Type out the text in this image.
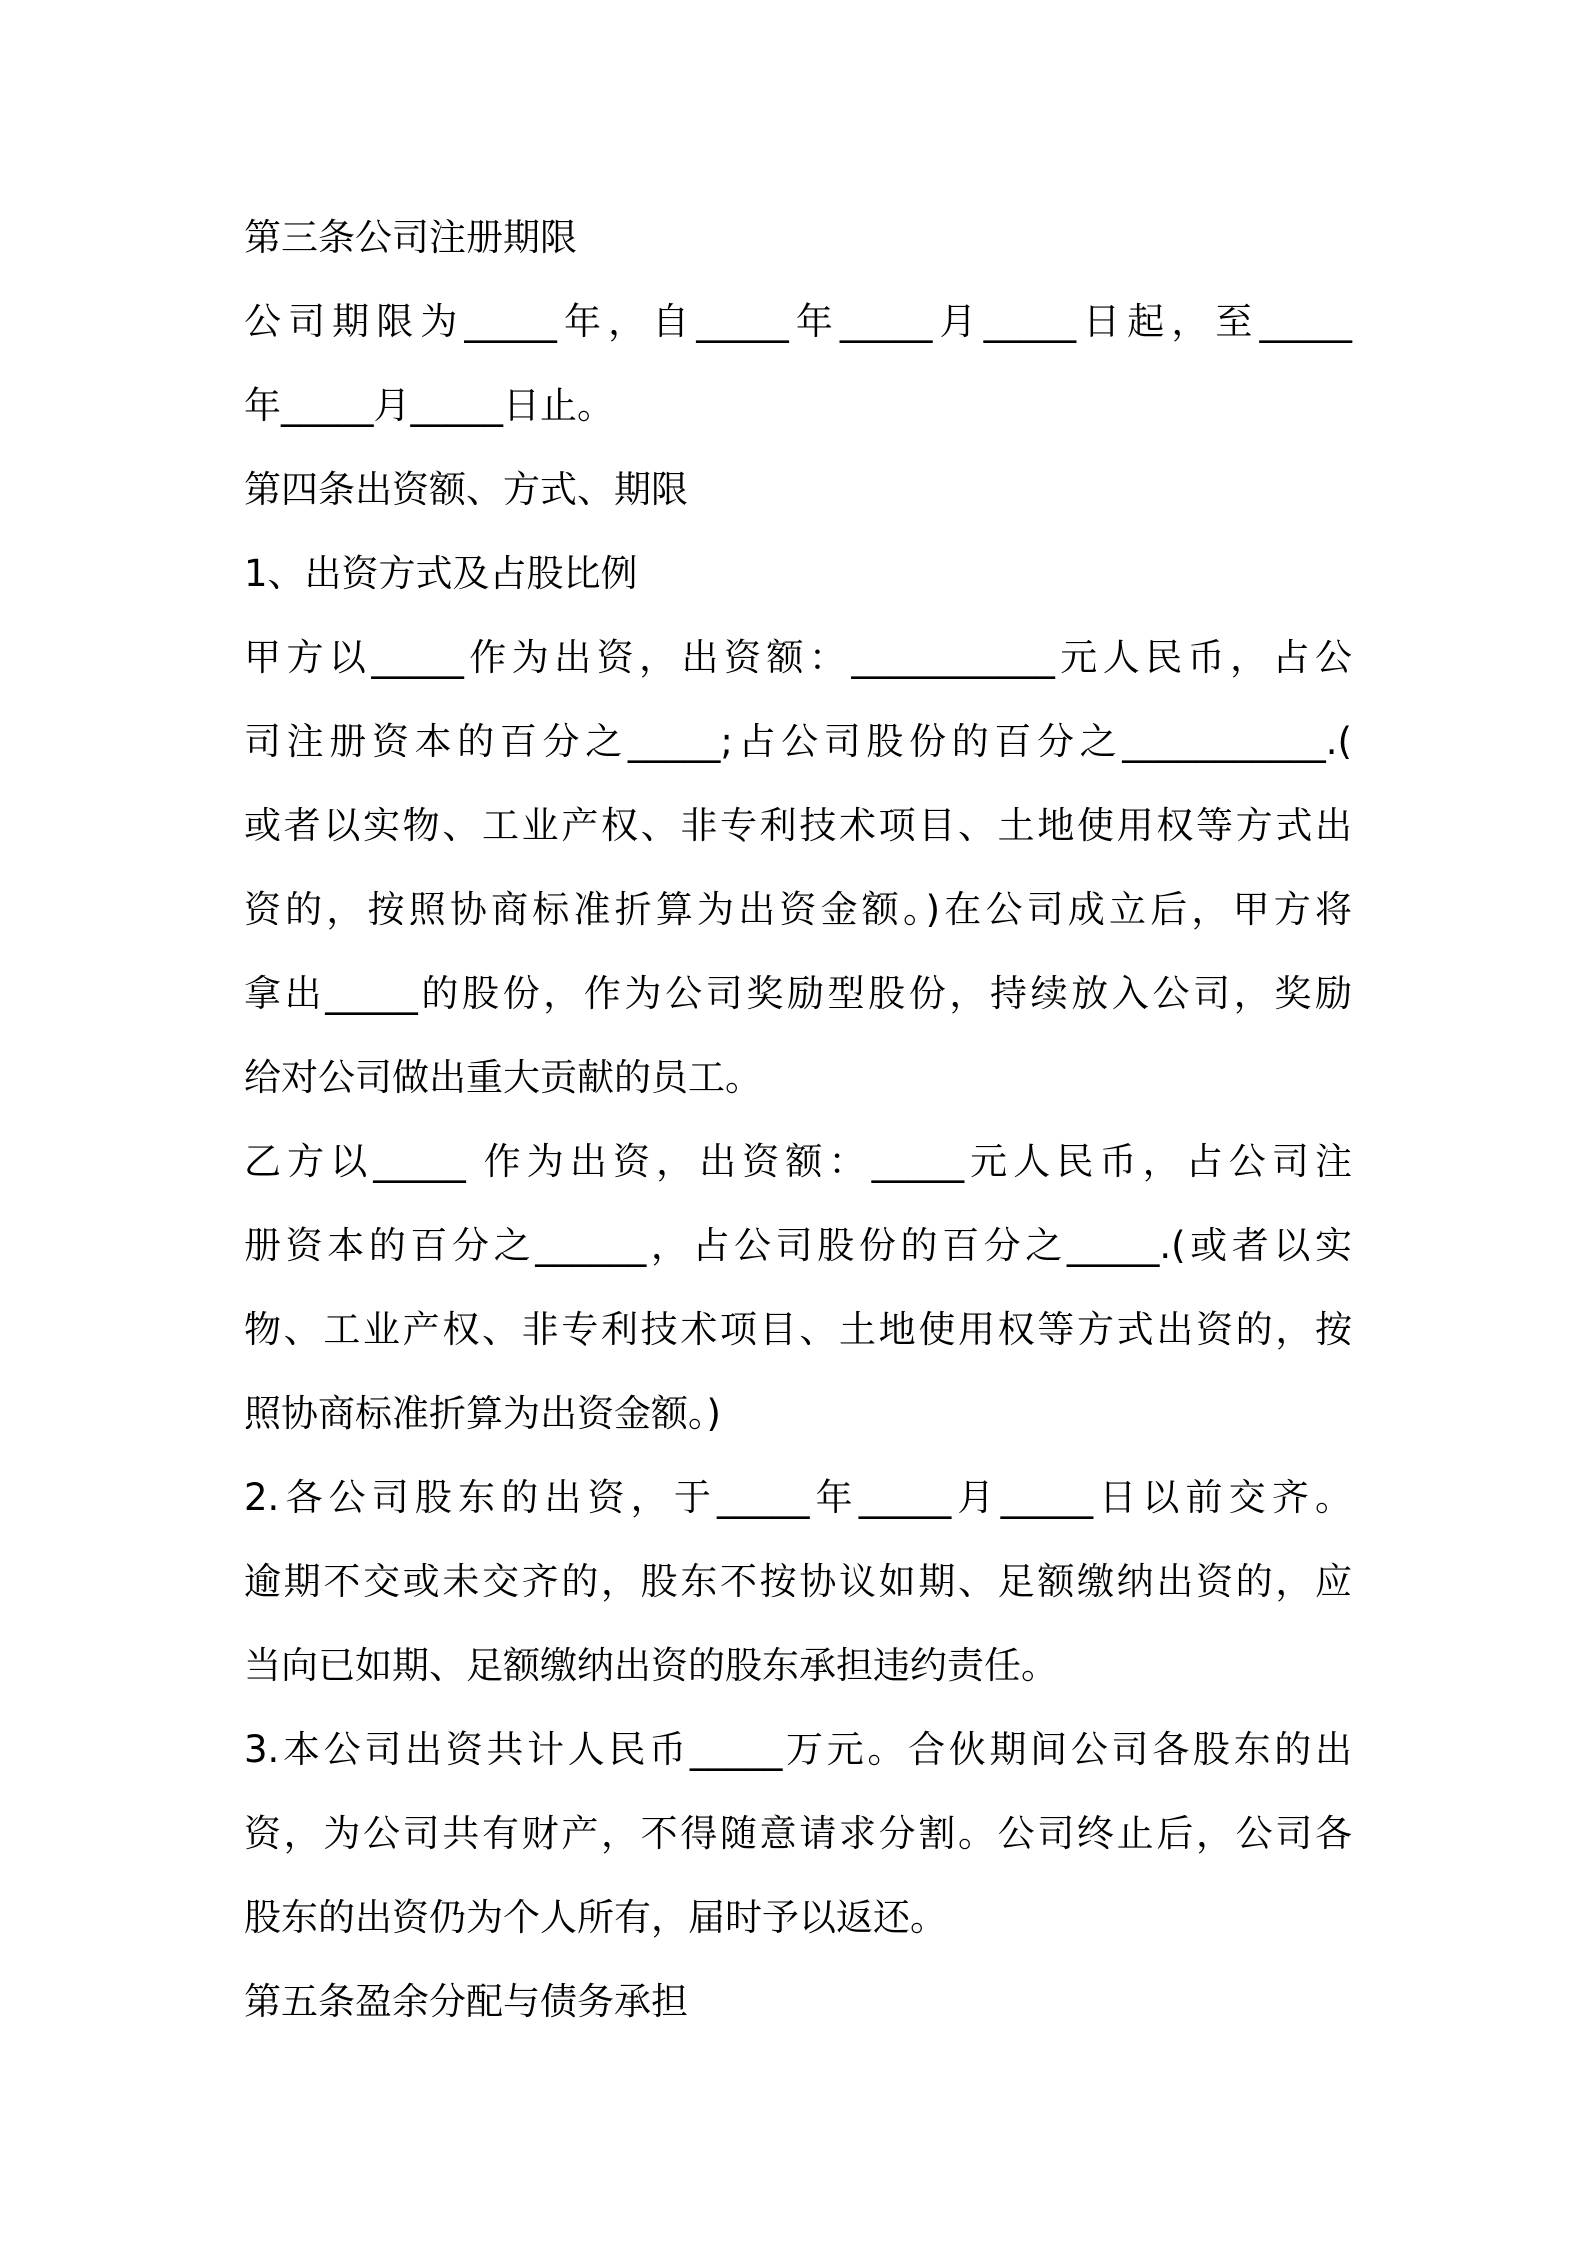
第三条公司注册期限
公司期限为_____年，自_____年_____月_____日起，至_____
年_____月_____日止。
第四条出资额、方式、期限
1、出资方式及占股比例
甲方以_____作为出资，出资额：___________元人民币，占公
司注册资本的百分之_____;占公司股份的百分之___________.(
或者以实物、工业产权、非专利技术项目、土地使用权等方式出
资的，按照协商标准折算为出资金额。)在公司成立后，甲方将
拿出_____的股份，作为公司奖励型股份，持续放入公司，奖励
给对公司做出重大贡献的员工。
乙方以_____ 作为出资，出资额：_____元人民币，占公司注
册资本的百分之______，占公司股份的百分之_____.(或者以实
物、工业产权、非专利技术项目、土地使用权等方式出资的，按
照协商标准折算为出资金额。)
2.各公司股东的出资，于_____年_____月_____日以前交齐。
逾期不交或未交齐的，股东不按协议如期、足额缴纳出资的，应
当向已如期、足额缴纳出资的股东承担违约责任。
3.本公司出资共计人民币_____万元。合伙期间公司各股东的出
资，为公司共有财产，不得随意请求分割。公司终止后，公司各
股东的出资仍为个人所有，届时予以返还。
第五条盈余分配与债务承担
